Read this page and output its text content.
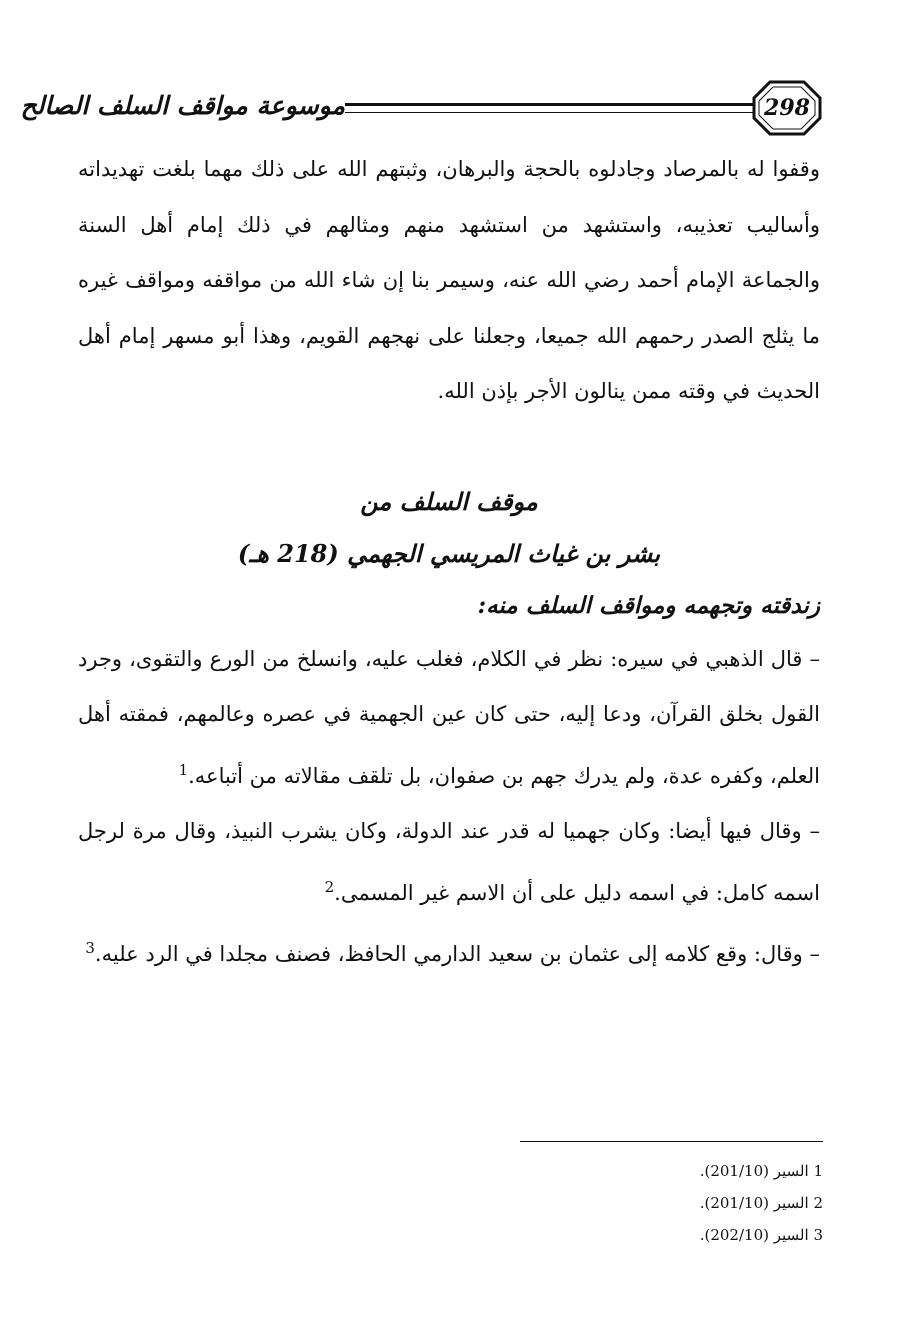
298
موسوعة مواقف السلف الصالح

وقفوا له بالمرصاد وجادلوه بالحجة والبرهان، وثبتهم الله على ذلك مهما بلغت تهديداته وأساليب تعذيبه، واستشهد من استشهد منهم ومثالهم في ذلك إمام أهل السنة والجماعة الإمام أحمد رضي الله عنه، وسيمر بنا إن شاء الله من مواقفه ومواقف غيره ما يثلج الصدر رحمهم الله جميعا، وجعلنا على نهجهم القويم، وهذا أبو مسهر إمام أهل الحديث في وقته ممن ينالون الأجر بإذن الله.

موقف السلف من

بشر بن غياث المريسي الجهمي (218 هـ)

زندقته وتجهمه ومواقف السلف منه:

– قال الذهبي في سيره: نظر في الكلام، فغلب عليه، وانسلخ من الورع والتقوى، وجرد القول بخلق القرآن، ودعا إليه، حتى كان عين الجهمية في عصره وعالمهم، فمقته أهل العلم، وكفره عدة، ولم يدرك جهم بن صفوان، بل تلقف مقالاته من أتباعه.$^1$

– وقال فيها أيضا: وكان جهميا له قدر عند الدولة، وكان يشرب النبيذ، وقال مرة لرجل اسمه كامل: في اسمه دليل على أن الاسم غير المسمى.$^2$

– وقال: وقع كلامه إلى عثمان بن سعيد الدارمي الحافظ، فصنف مجلدا في الرد عليه.$^3$

1 السير (201/10).

2 السير (201/10).

3 السير (202/10).
